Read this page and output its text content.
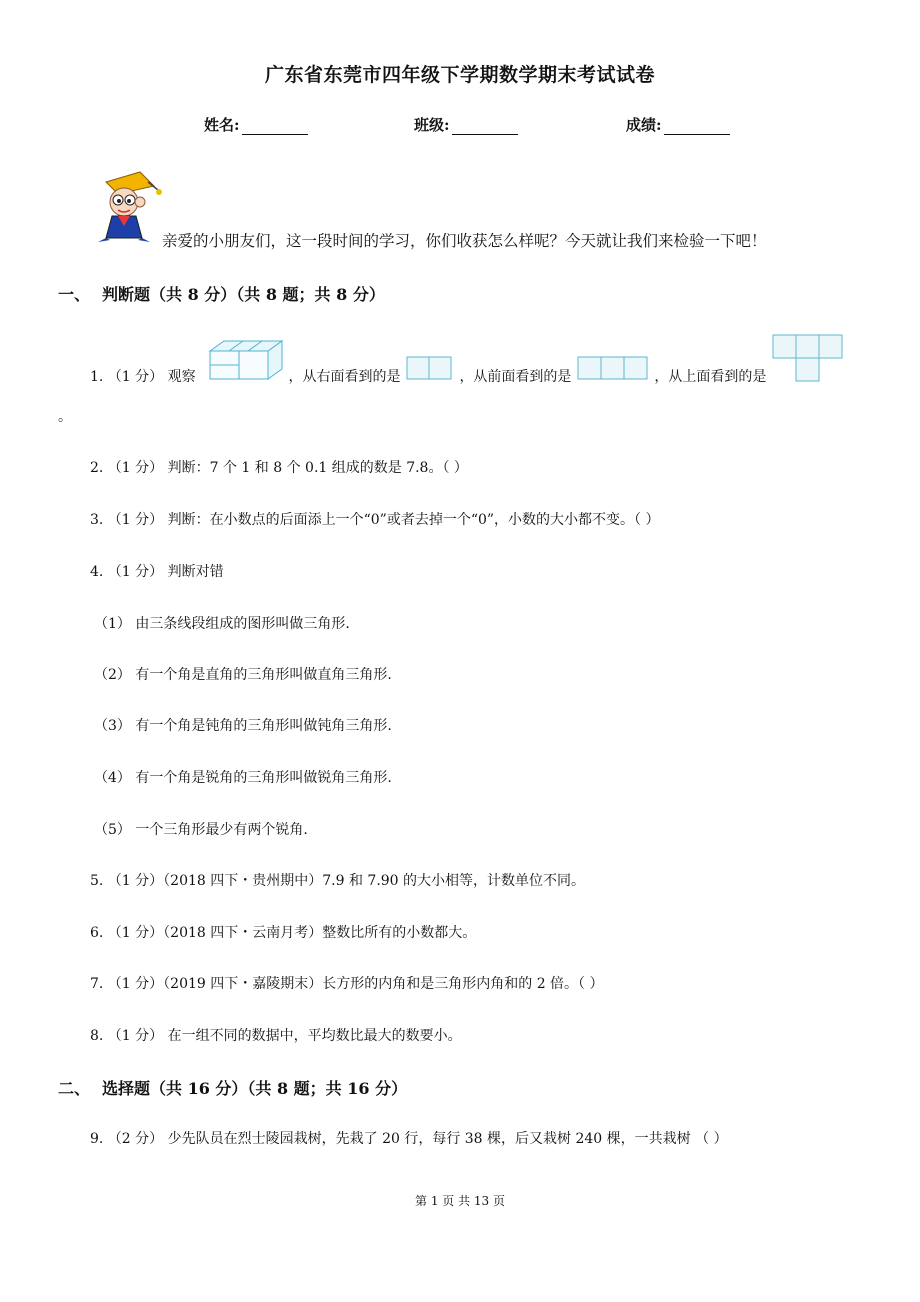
广东省东莞市四年级下学期数学期末考试试卷
姓名:	班级:	成绩:
亲爱的小朋友们，这一段时间的学习，你们收获怎么样呢？今天就让我们来检验一下吧！
一、 判断题（共 8 分）（共 8 题；共 8 分）
1. （1 分） 观察	，从右面看到的是	，从前面看到的是	，从上面看到的是
。
2. （1 分） 判断：7 个 1 和 8 个 0.1 组成的数是 7.8。（ ）
3. （1 分） 判断：在小数点的后面添上一个“0”或者去掉一个“0”，小数的大小都不变。（ ）
4. （1 分） 判断对错
（1） 由三条线段组成的图形叫做三角形.
（2） 有一个角是直角的三角形叫做直角三角形.
（3） 有一个角是钝角的三角形叫做钝角三角形.
（4） 有一个角是锐角的三角形叫做锐角三角形.
（5） 一个三角形最少有两个锐角.
5. （1 分）（2018 四下・贵州期中）7.9 和 7.90 的大小相等，计数单位不同。
6. （1 分）（2018 四下・云南月考）整数比所有的小数都大。
7. （1 分）（2019 四下・嘉陵期末）长方形的内角和是三角形内角和的 2 倍。（ ）
8. （1 分） 在一组不同的数据中，平均数比最大的数要小。
二、 选择题（共 16 分）（共 8 题；共 16 分）
9. （2 分） 少先队员在烈士陵园栽树，先栽了 20 行，每行 38 棵，后又栽树 240 棵，一共栽树 （ ）
第 1 页 共 13 页
